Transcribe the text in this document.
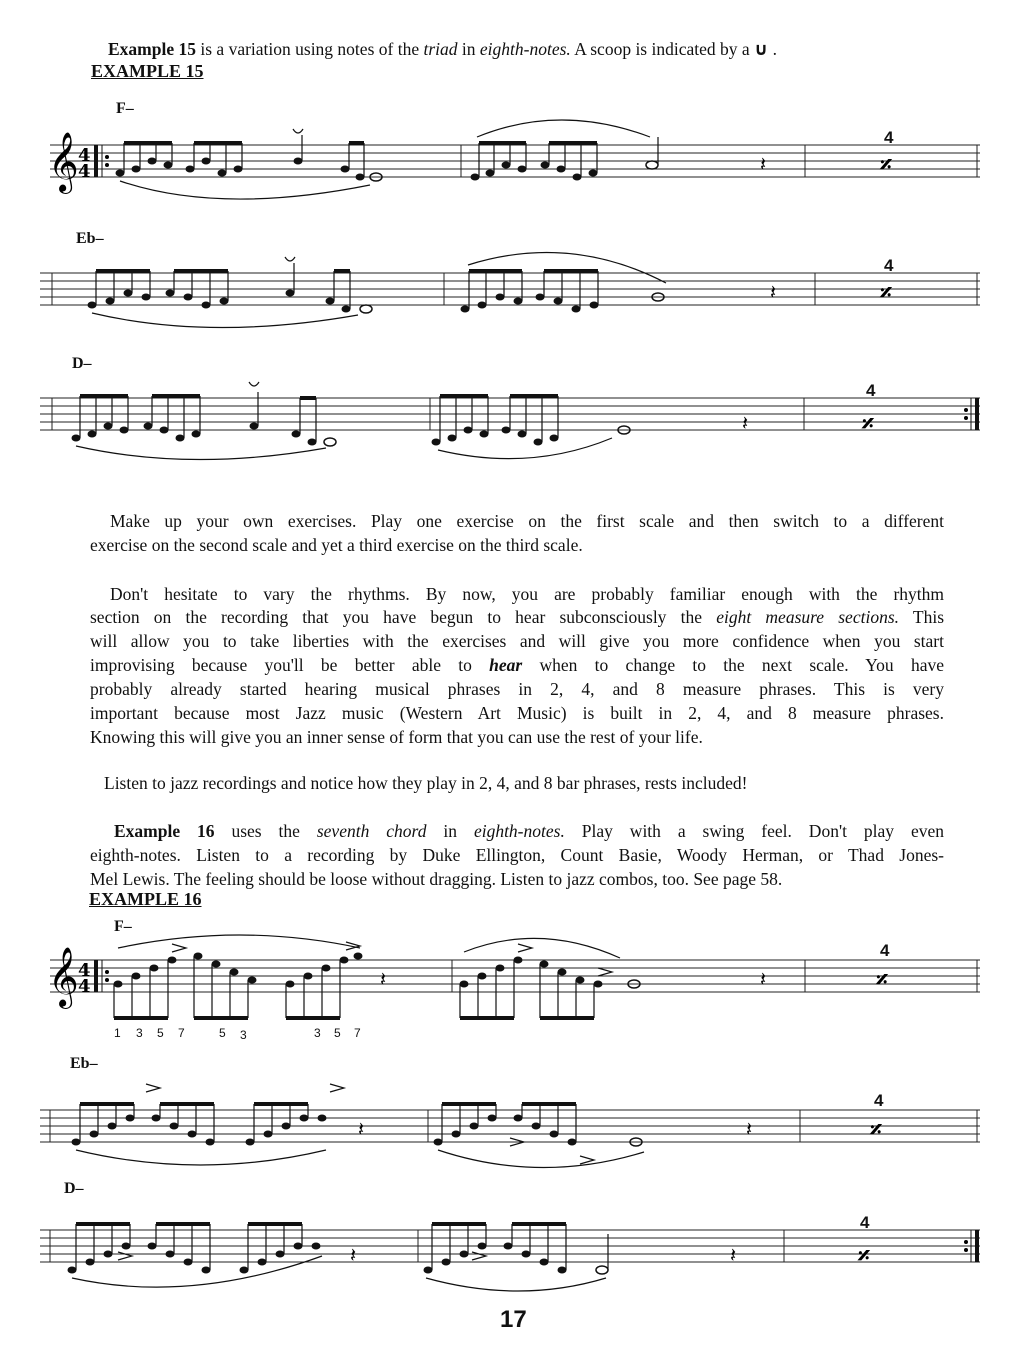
Example 15 is a variation using notes of the triad in eighth-notes. A scoop is indicated by a ∪ .
EXAMPLE 15
F–
Eb–
D–
4
4
4
𝄞 4
4	𝄽	𝄎
𝄽	𝄎
𝄽	𝄎
Make up your own exercises. Play one exercise on the first scale and then switch to a different
exercise on the second scale and yet a third exercise on the third scale.
Don't hesitate to vary the rhythms. By now, you are probably familiar enough with the rhythm
section on the recording that you have begun to hear subconsciously the eight measure sections. This
will allow you to take liberties with the exercises and will give you more confidence when you start
improvising because you'll be better able to hear when to change to the next scale. You have
probably already started hearing musical phrases in 2, 4, and 8 measure phrases. This is very
important because most Jazz music (Western Art Music) is built in 2, 4, and 8 measure phrases.
Knowing this will give you an inner sense of form that you can use the rest of your life.
Listen to jazz recordings and notice how they play in 2, 4, and 8 bar phrases, rests included!
Example 16 uses the seventh chord in eighth-notes. Play with a swing feel. Don't play even
eighth-notes. Listen to a recording by Duke Ellington, Count Basie, Woody Herman, or Thad Jones-
Mel Lewis. The feeling should be loose without dragging. Listen to jazz combos, too. See page 58.
EXAMPLE 16
F–
Eb–
D–
4
4
4
1 3 5 7	5 3	3 5 7
𝄞 4
4	𝄽	𝄽	𝄎
𝄽	𝄽	𝄎
𝄽	𝄽	𝄎
17
